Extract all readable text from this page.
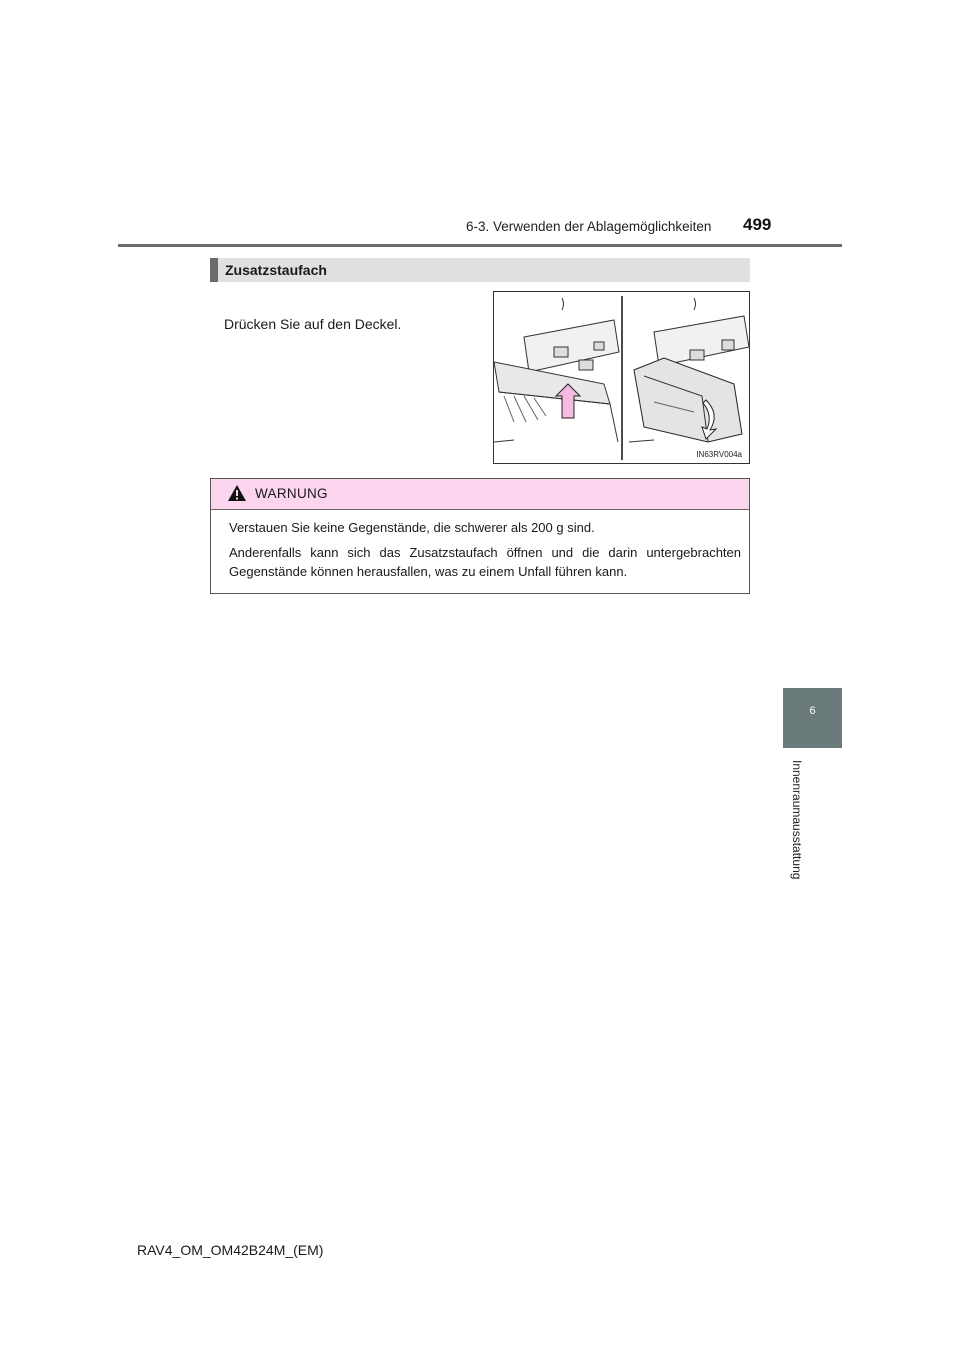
6-3. Verwenden der Ablagemöglichkeiten 499
Zusatzstaufach
Drücken Sie auf den Deckel.
IN63RV004a
WARNUNG

Verstauen Sie keine Gegenstände, die schwerer als 200 g sind.

Anderenfalls kann sich das Zusatzstaufach öffnen und die darin untergebrachten Gegenstände können herausfallen, was zu einem Unfall führen kann.

6
Innenraumausstattung
RAV4_OM_OM42B24M_(EM)
